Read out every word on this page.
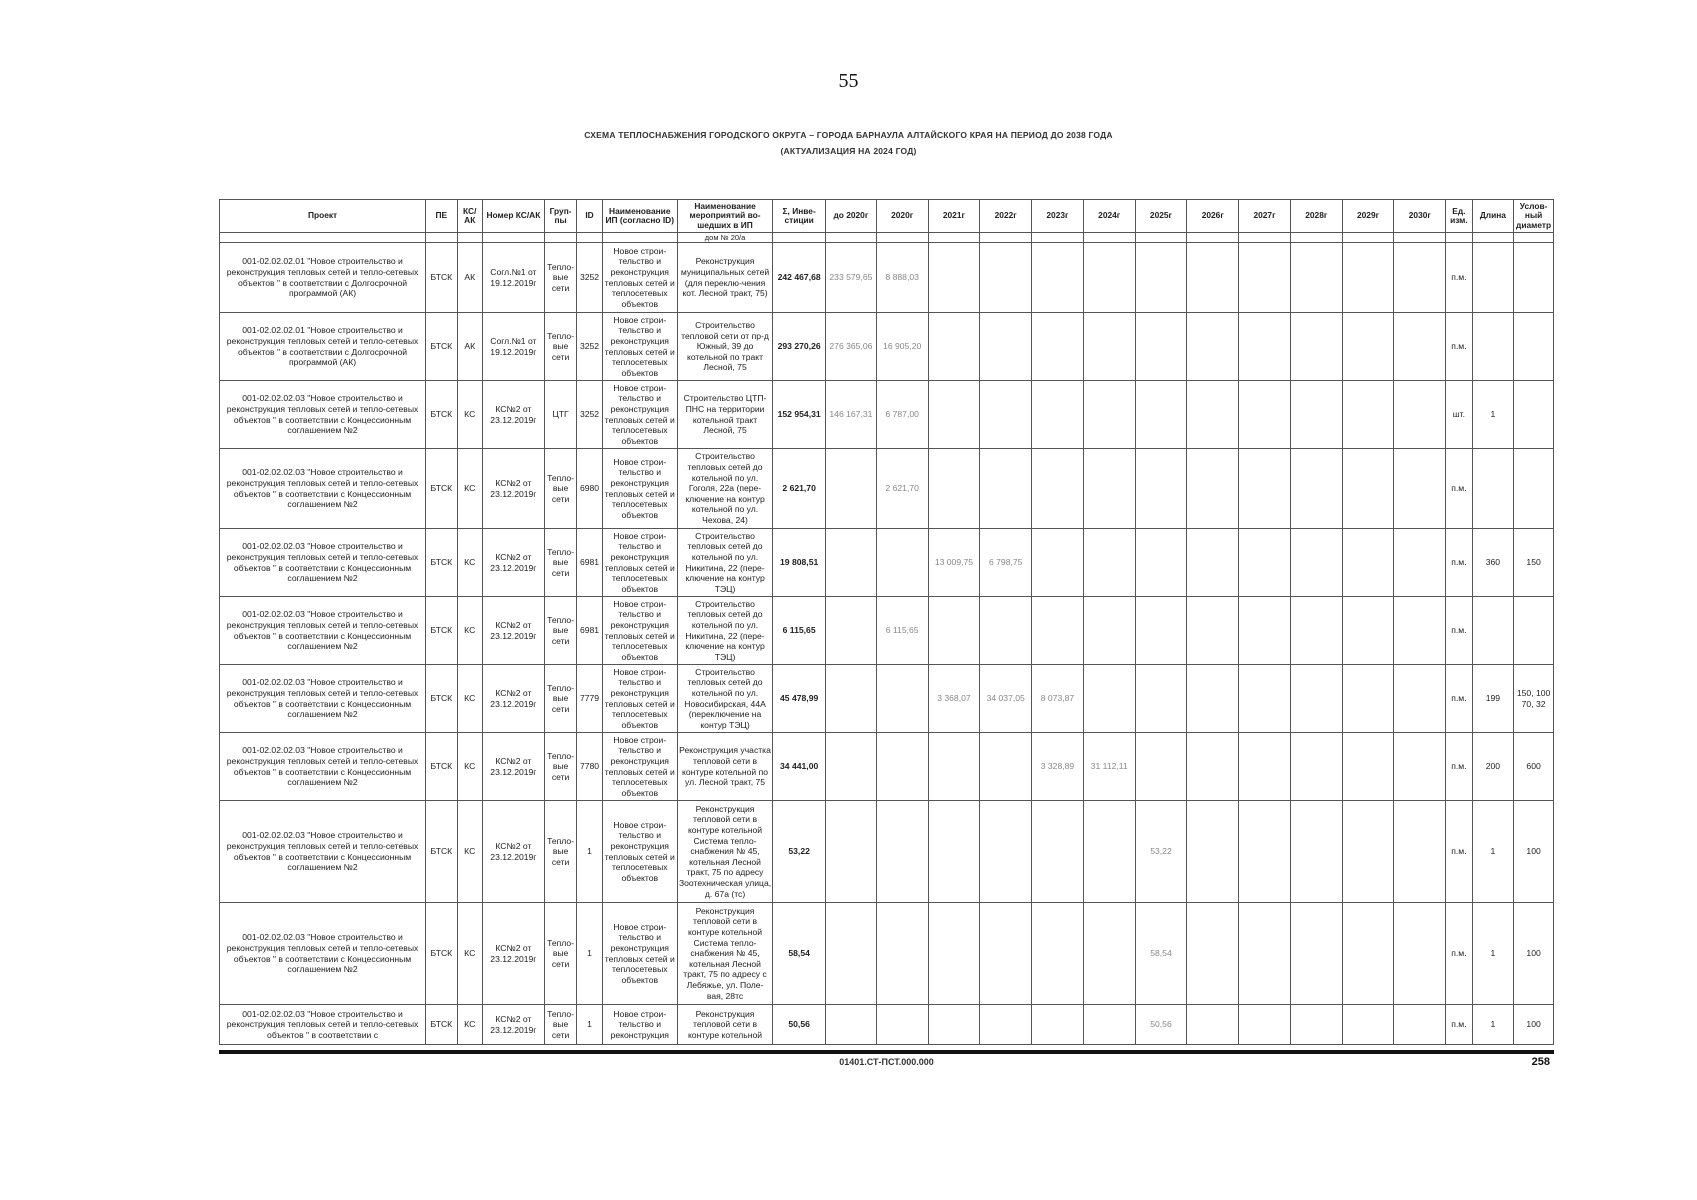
55
СХЕМА ТЕПЛОСНАБЖЕНИЯ ГОРОДСКОГО ОКРУГА – ГОРОДА БАРНАУЛА АЛТАЙСКОГО КРАЯ НА ПЕРИОД ДО 2038 ГОДА
(АКТУАЛИЗАЦИЯ НА 2024 ГОД)
Проект	ПЕ	КС/ АК	Номер КС/АК	Груп- пы	ID	Наименование ИП (согласно ID)	Наименование мероприятий во- шедших в ИП	Σ, Инве- стиции	до 2020г	2020г	2021г	2022г	2023г	2024г	2025г	2026г	2027г	2028г	2029г	2030г	Ед. изм.	Длина	Услов- ный диаметр
							дом № 20/а																
001-02.02.02.01 "Новое строительство и реконструкция тепловых сетей и тепло-сетевых объектов " в соответствии с Долгосрочной программой (АК)	БТСК	АК	Согл.№1 от 19.12.2019г	Тепло-вые сети	3252	Новое строи-тельство и реконструкция тепловых сетей и теплосетевых объектов	Реконструкция муниципальных сетей (для переклю-чения кот. Лесной тракт, 75)	242 467,68	233 579,65	8 888,03											п.м.		
001-02.02.02.01 "Новое строительство и реконструкция тепловых сетей и тепло-сетевых объектов " в соответствии с Долгосрочной программой (АК)	БТСК	АК	Согл.№1 от 19.12.2019г	Тепло-вые сети	3252	Новое строи-тельство и реконструкция тепловых сетей и теплосетевых объектов	Строительство тепловой сети от пр-д Южный, 39 до котельной по тракт Лесной, 75	293 270,26	276 365,06	16 905,20											п.м.		
001-02.02.02.03 "Новое строительство и реконструкция тепловых сетей и тепло-сетевых объектов " в соответствии с Концессионным соглашением №2	БТСК	КС	КС№2 от 23.12.2019г	ЦТГ	3252	Новое строи-тельство и реконструкция тепловых сетей и теплосетевых объектов	Строительство ЦТП-ПНС на территории котельной тракт Лесной, 75	152 954,31	146 167,31	6 787,00											шт.	1	
001-02.02.02.03 "Новое строительство и реконструкция тепловых сетей и тепло-сетевых объектов " в соответствии с Концессионным соглашением №2	БТСК	КС	КС№2 от 23.12.2019г	Тепло-вые сети	6980	Новое строи-тельство и реконструкция тепловых сетей и теплосетевых объектов	Строительство тепловых сетей до котельной по ул. Гоголя, 22а (пере-ключение на контур котельной по ул. Чехова, 24)	2 621,70		2 621,70											п.м.		
001-02.02.02.03 "Новое строительство и реконструкция тепловых сетей и тепло-сетевых объектов " в соответствии с Концессионным соглашением №2	БТСК	КС	КС№2 от 23.12.2019г	Тепло-вые сети	6981	Новое строи-тельство и реконструкция тепловых сетей и теплосетевых объектов	Строительство тепловых сетей до котельной по ул. Никитина, 22 (пере-ключение на контур ТЭЦ)	19 808,51			13 009,75	6 798,75									п.м.	360	150
001-02.02.02.03 "Новое строительство и реконструкция тепловых сетей и тепло-сетевых объектов " в соответствии с Концессионным соглашением №2	БТСК	КС	КС№2 от 23.12.2019г	Тепло-вые сети	6981	Новое строи-тельство и реконструкция тепловых сетей и теплосетевых объектов	Строительство тепловых сетей до котельной по ул. Никитина, 22 (пере-ключение на контур ТЭЦ)	6 115,65		6 115,65											п.м.		
001-02.02.02.03 "Новое строительство и реконструкция тепловых сетей и тепло-сетевых объектов " в соответствии с Концессионным соглашением №2	БТСК	КС	КС№2 от 23.12.2019г	Тепло-вые сети	7779	Новое строи-тельство и реконструкция тепловых сетей и теплосетевых объектов	Строительство тепловых сетей до котельной по ул. Новосибирская, 44А (переключение на контур ТЭЦ)	45 478,99			3 368,07	34 037,05	8 073,87								п.м.	199	150, 100 70, 32
001-02.02.02.03 "Новое строительство и реконструкция тепловых сетей и тепло-сетевых объектов " в соответствии с Концессионным соглашением №2	БТСК	КС	КС№2 от 23.12.2019г	Тепло-вые сети	7780	Новое строи-тельство и реконструкция тепловых сетей и теплосетевых объектов	Реконструкция участка тепловой сети в контуре котельной по ул. Лесной тракт, 75	34 441,00					3 328,89	31 112,11							п.м.	200	600
001-02.02.02.03 "Новое строительство и реконструкция тепловых сетей и тепло-сетевых объектов " в соответствии с Концессионным соглашением №2	БТСК	КС	КС№2 от 23.12.2019г	Тепло-вые сети	1	Новое строи-тельство и реконструкция тепловых сетей и теплосетевых объектов	Реконструкция тепловой сети в контуре котельной Система тепло-снабжения № 45, котельная Лесной тракт, 75 по адресу Зоотехническая улица, д. 67а (тс)	53,22							53,22						п.м.	1	100
001-02.02.02.03 "Новое строительство и реконструкция тепловых сетей и тепло-сетевых объектов " в соответствии с Концессионным соглашением №2	БТСК	КС	КС№2 от 23.12.2019г	Тепло-вые сети	1	Новое строи-тельство и реконструкция тепловых сетей и теплосетевых объектов	Реконструкция тепловой сети в контуре котельной Система тепло-снабжения № 45, котельная Лесной тракт, 75 по адресу с Лебяжье, ул. Поле-вая, 28тс	58,54							58,54						п.м.	1	100
001-02.02.02.03 "Новое строительство и реконструкция тепловых сетей и тепло-сетевых объектов " в соответствии с	БТСК	КС	КС№2 от 23.12.2019г	Тепло-вые сети	1	Новое строи-тельство и реконструкция	Реконструкция тепловой сети в контуре котельной	50,56							50,56						п.м.	1	100
01401.СТ-ПСТ.000.000	258
